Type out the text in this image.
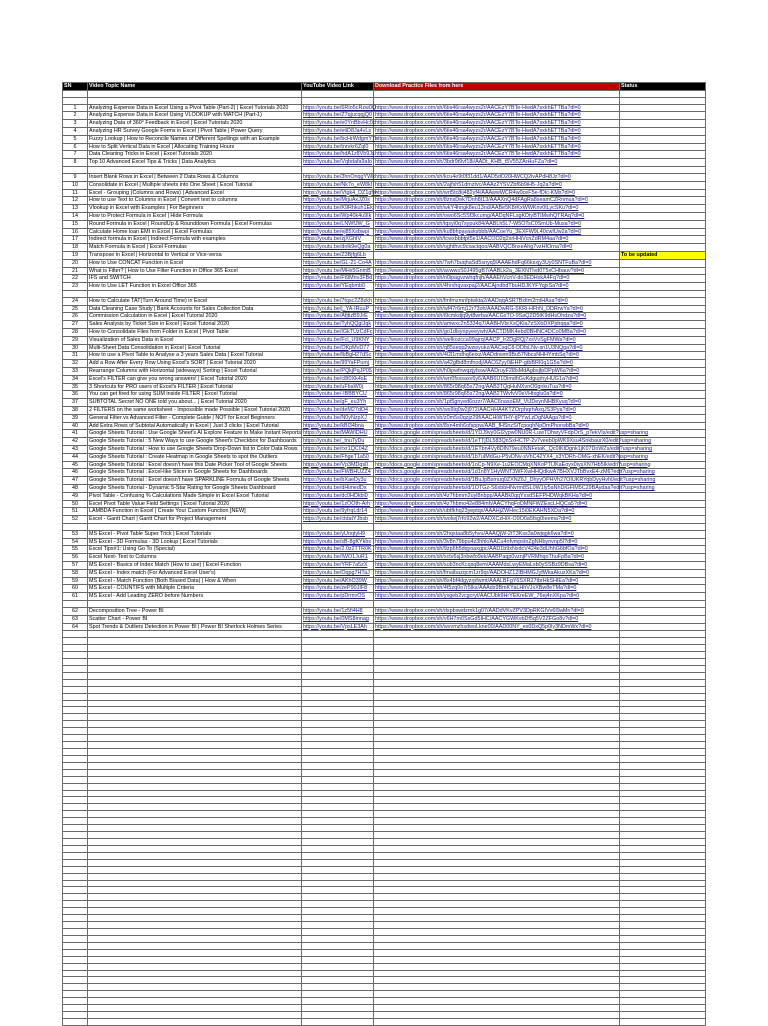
SN	Video Topic Name	YouTube Video Link	Download Practice Files from here	Status

1	Analyzing Expense Data in Excel Using a Pivot Table (Part-2) | Excel Tutorials 2020	https://youtu.be/6RIo5cRzw0Q	https://www.dropbox.com/sh/6tis46rsa4wyzs2r/AACEzY7BTe-HwdA7sxkhETTBa?dl=0	
2	Analyzing Expense Data in Excel Using VLOOKUP with MATCH (Part-1)	https://youtu.be/Z7qjucqqjQ0	https://www.dropbox.com/sh/6tis46rsa4wyzs2r/AACEzY7BTe-HwdA7sxkhETTBa?dl=0	
3	Analyzing Data of 360° Feedback in Excel | Excel Tutorials 2020	https://youtu.be/e0YnBbvHc0c	https://www.dropbox.com/sh/6tis46rsa4wyzs2r/AACEzY7BTe-HwdA7sxkhETTBa?dl=0	
4	Analyzing HR Survey Google Forms in Excel | Pivot Table | Power Query	https://youtu.be/etiD8Ja4vLs	https://www.dropbox.com/sh/6tis46rsa4wyzs2r/AACEzY7BTe-HwdA7sxkhETTBa?dl=0	
5	Fuzzy Lookup | How to Reconcile Names of Different Spellings with an Example	https://youtu.be/bcHrWdgmY7s	https://www.dropbox.com/sh/6tis46rsa4wyzs2r/AACEzY7BTe-HwdA7sxkhETTBa?dl=0	
6	How to Split Vertical Data in Excel | Allocating Training Hours	https://youtu.be/tnrvkr6Zql0	https://www.dropbox.com/sh/6tis46rsa4wyzs2r/AACEzY7BTe-HwdA7sxkhETTBa?dl=0	
7	Data Cleaning Tricks in Excel | Excel Tutorials 2020	https://youtu.be/hdA1z8Vb9Js	https://www.dropbox.com/sh/6tis46rsa4wyzs2r/AACEzY7BTe-HwdA7sxkhETTBa?dl=0	
8	Top 10 Advanced Excel Tips & Tricks | Data Analytics	https://youtu.be/Vqbdafa9aIo	https://www.dropbox.com/sh/3bdr9t9vf18i/AADt_KHB_t5V55ZArHuFZa?dl=0	

9	Insert Blank Rows in Excel | Between 2 Data Rows & Columns	https://youtu.be/3hnOnqgYWk	https://www.dropbox.com/sh/kcu4e9t0f31dd1/AAD5dO20HWCQ2ivAPdH8Jz?dl=0	
10	Consolidate in Excel | Multiple sheets into One Sheet | Excel Tutorial	https://youtu.be/Nk7o_eW8kI	https://www.dropbox.com/sh/2ajfsh51dmztvc/AAAz2YSVZbf6b9iH5-Jq2a?dl=0	
11	Excel - Grouping (Columns and Rows) | Advanced Excel	https://youtu.be/Vtgk4_DZ1gfw	https://www.dropbox.com/sh/wrt5tc8ij482yf4/AAAwwWCR4w0ceF5e-fDIc-KMs?dl=0	
12	How to use Text to Columns in Excel | Convert text to columns	https://youtu.be/MrjuAxJZ0s	https://www.dropbox.com/sh/8znsDek7Dnh8t13/AAAXnQ4dFAgRa8seamCZRnmua?dl=0	
13	Vlookup in Excel with Examples | For Beginners	https://youtu.be/K9Rhkuh1Ek	https://www.dropbox.com/sh/wkY4hngk8eu13nd/AABe5K8rKxWWKnv0tLycSKu?dl=0	
14	How to Protect Formula in Excel | Hide Formula	https://youtu.be/Wp40k4u9Ik	https://www.dropbox.com/sh/owo6Sc5Sf3kcumg/AADqNFLsgKDtyBTIMwhQTRAq?dl=0	
15	Round Formula in Excel | RoundUp & Rounddown Formula | Excel Formulas	https://youtu.be/LNWfJW_G	https://www.dropbox.com/sh/tqsyi0q7sypuk84/AABLh5L7-W5OTsC0SmUb-Musa?dl=0	
16	Calculate Home loan EMI in Excel | Excel Formulas	https://youtu.be/ej85Xsbwpi	https://www.dropbox.com/sh/ku8bhpayasksbbb/AACoeYu_3EXFW9L40cwIUw2a?dl=0	
17	Indirect formula in Excel | Indirect Formula with examples	https://youtu.be/zjXGhIV	https://www.dropbox.com/sh/tcwxbbbtpt5e1/AACOO2q2srHHiVcnZdRM4aa?dl=0	
18	Match Formula in Excel | Excel Formulas	https://youtu.be/dnlk9eQg0a	https://www.dropbox.com/sh/oghthvc9cxactqoo/AABVQCBnxeAhg7vzHIOrna?dl=0	
19	Transpose in Excel | Horizontal to Vertical or Vice-versa	https://youtu.be/Z3Bjfg6Lb		To be updated
20	How to Use CONCAT Function in Excel	https://youtu.be/GL-21-Co4A	https://www.dropbox.com/sh/7wh7buqhaSd5snyq9/AAAEhdFq66ksxjy3Uy0SNTFuBa?dl=0	
21	What is Filter? | How to Use Filter Function in Office 365 Excel	https://youtu.be/MHx5GnmB	https://www.dropbox.com/sh/avwwsS0J495gB7/AABLk2a_3EXNTlvd0T5xCHbauv?dl=0	
22	IFS and SWITCH	https://youtu.be/Ft9Mnv3FBd	https://www.dropbox.com/sh/n0ipagvzwhqfnjh/AAAEhVcnV-dn3EDHxkA4Fq?dl=0	
23	How to Use LET Function in Excel Office 365	https://youtu.be/YEqbmb0	https://www.dropbox.com/sh/4hrxhqvaxpaj2/AACAjndbdTbuHDJKYFYqjxSa?dl=0	

24	How to Calculate TAT(Turn Around Time) in Excel	https://youtu.be/7tqsc2Z8zkh	https://www.dropbox.com/sh/fmfmzmnfptwkta2/AADqqASR7Bxltm2mtHAsa?dl=0	
25	Data Cleaning Case Study | Bank Accounts for Sales Collection Data	https://youtu.be/j_YA-IRuuP	https://www.dropbox.com/sh/wf47r6mj12r73oh/AAADwRG-5KRi-HFhN_DDRrwYa?dl=0	
26	Commission Calculation in Excel | Excel Tutorial 2020	https://youtu.be/AfjtizB9JrE	https://www.dropbox.com/sh/i9cmkdjq9yt8wrba/AACGxTO-9SaQ2D5tK9dHsOhdza?dl=0	
27	Sales Analysis by Ticket Size in Excel | Excel Tutorial 2020	https://youtu.be/TyhQQglJqk	https://www.dropbox.com/sh/amwxc2n5334q7/AABHVbrXsQKla7zSXbDXPjdrqqa?dl=0	
28	How to Consolidate Files from Folder in Excel | Pivot Table	https://youtu.be/IGkTUzCdFc	https://www.dropbox.com/sh/go1dlsynpyeeywh/AACTDMK4ebd0BHNC4DCo0MBa?dl=0	
29	Visualization of Sales Data in Excel	https://youtu.be/Fcl_U9KNY	https://www.dropbox.com/sh/welkozcca99ajrq/AACP_Ir2DgRQj7xsVvSgFMWa?dl=0	
30	Multi-Sheet Data Consolidation in Excel | Excel Tutorial	https://youtu.be/OKpMvD77	https://www.dropbox.com/sh/q85seqq2wzwyukz/AACsqC8-DDfsLNv-sn1U3NQga?dl=0	
31	How to use a Pivot Table to Analyse a 3 years Sales Data | Excel Tutorial	https://youtu.be/lbBgH27dSc	https://www.dropbox.com/sh/4l2l1mdhq6eixz/AADdnwm9Bu57NbcsNHHYmbSq?dl=0	
32	Add a Row After Every Row Using Excel's SORT | Excel Tutorial 2020	https://youtu.be/99YaFPumj	https://www.dropbox.com/sh/a42gfbd8mfnodj/AAC6Zyy0iEHP-gtbBRI0q1G5a?dl=0	
33	Rearrange Columns with Horizontal (sideways) Sorting | Excel Tutorial	https://youtu.be/PQkjPqJP05	https://www.dropbox.com/sh/h0ipwfnwqzjybsw/AADruyF2l8sMdAgbsjfpDPpW6a?dl=0	
34	Excel's FILTER can give you wrong answers! | Excel Tutorial 2020	https://youtu.be/c8t0Xk4sE	https://www.dropbox.com/sh/wrr0fsxsaxv6y6/AAB6U1DimdhGvKdguphyHUG1a?dl=0	
35	3 Shortcuts for PRO users of Excel's FILTER | Excel Tutorial	https://youtu.be/uFbaW0j	https://www.dropbox.com/sh/865r98q65s72ng/AAB3TQqHuNXvnO0gnkuTua?dl=0	
36	You can get fired for using SUM inside FILTER | Excel Tutorial	https://youtu.be/-IBBBYCU	https://www.dropbox.com/sh/865r98q65s72ng/AAB2TWvfvV0eVHtxglu0a?dl=0	
37	SUBTOTAL Secret NO ONE told you about... | Excel Tutorial 2020	https://youtu.be/gF_eu3Yh	https://www.dropbox.com/sh/1pt5gnyed6ozzr7/AAC6naxoEM_VtJDeynNHBKyuq?dl=0	
38	2 FILTERS on the same worksheet - Impossible made Possible | Excel Tutorial 2020	https://youtu.be/deM27dO4	https://www.dropbox.com/sh/ws9lq0w2j972/AACHHA4KTZOrphqrhAxqJS3Pya?dl=0	
39	General Filter vs Advanced Filter - Complete Guide | NOT for Excel Beginners	https://youtu.be/N0yNzpXJ	https://www.dropbox.com/sh/z0m5s0qzjz29f/AACHiWTHY-tjPYwLzDgNAAga?dl=0	
40	Add Extra Rows of Subtotal Automatically in Excel | Just 3 clicks | Excel Tutorial	https://youtu.be/kBl34bna	https://www.dropbox.com/sh/8xn4mh6ofsppw/AAB_fHSnzSiTcpoqhNpDmPhorwbBa?dl=0	
41	Google Sheets Tutorial : Use Google Sheet's AI Explore Feature to Make Instant Reports	https://youtu.be/MAWIDHU	https://docs.google.com/spreadsheets/d/1YDJ9vy0GI2ypw0NU0R-LuwTDhwyVFdpOrS_pTekVIs/edit?usp=sharing	
42	Google Sheets Tutorial : 5 New Ways to use Google Sheet's Checkbox for Dashboards	https://youtu.be/_tnuTyDu	https://docs.google.com/spreadsheets/d/1eTTjDL583QnSxHCTP-2v7veeb0pWK9Xsu4SnkbaurX0/edit?usp=sharing	
43	Google Sheets Tutorial : How to use Google Sheets Drop-Down list to Color Data Rows	https://youtu.be/rxr1QC04Z	https://docs.google.com/spreadsheets/d/1ETbn4Vy8DlN79eu0NNFeiaK_Qc0IKtDgnk1jK07DoWZs/edit?usp=sharing	
44	Google Sheets Tutorial : Create Heatmap in Google Sheets to spot the Outliers	https://youtu.be/FhgeT1a50	https://docs.google.com/spreadsheets/d/1b7uIMdGu-P5vDNv-sVhC42YX4_x3YDRh-OMG-xhEK/edit?usp=sharing	
45	Google Sheets Tutorial : Excel doesn't have this Date Picker Tool of Google Sheets	https://youtu.be/Vp3MDqs0	https://docs.google.com/spreadsheets/d/1oCp-N9Xe-1u2EOCMqXNKoPTIJKaEoyx0iysXN7Hb5Ik/edit?usp=sharing	
46	Google Sheets Tutorial : Excel-like Slicer in Google Sheets for Dashboards	https://youtu.be/FWBHUZZ4	https://docs.google.com/spreadsheets/d/1d1n8Y1HyWNT3WFXwHHQdkwA7BHXVJTbBvxE4-zM6?edit?usp=sharing	
47	Google Sheets Tutorial : Excel doesn't have SPARKLINE Formula of Google Sheets	https://youtu.be/bXaeDy3u	https://docs.google.com/spreadsheets/d/1BuJpBsmuq0ZXNZ6J_DhyyOPHVh27OIUKRYqbDyyHvhI/edit?usp=sharing	
48	Google Sheets Tutorial - Dynamic 5-Star Rating for Google Sheets Dashboard	https://youtu.be/dHimedDx	https://docs.google.com/spreadsheets/d/1OTGz-S6xbbHNvrm8SL0W1ly5aNhDlGFlM5C29BAydaa?edit?usp=sharing	
49	Pivot Table - Confusing % Calculations Made Simple in Excel Excel Tutorial	https://youtu.be/dc0HDkbi0	https://www.dropbox.com/sh/4z7hbmm2uyl8nbpp/AAABk0qqYxsdSEFPHDWqkBKHa?dl=0	
50	Excel Pivot Table Value Field Settings | Excel Tutorial 2020	https://youtu.be/1zOOth-Arh	https://www.dropbox.com/sh/4z7hbmo42e884mh/AACYhqFoDMNFWZExcLHQCa5?dl=0	
51	LAMBDA Function in Excel | Create Your Custom Function [NEW]	https://youtu.be/9yfrqLdr14	https://www.dropbox.com/sh/ubtfkhq23yeptqx/AAAHjZWHec15i0EKAHN5XDa?dl=0	
52	Excel - Gantt Chart | Gantt Chart for Project Management	https://youtu.be/ctdatYJbsb	https://www.dropbox.com/sh/wolwj7rfo92w2/AADXCzHiX-O9O0a5fsg0Ieema?dl=0	

53	MS Excel - Pivot Table Super Trick | Excel Tutorials	https://youtu.be/yUnqtyH9	https://www.dropbox.com/sh/2hqstaa8b5yhvu/AAAQjW-2tT3Kss3a0wjqgk6wa?dl=0	
54	MS Excel - 3D Formulas - 3D Lookup | Excel Tutorials	https://youtu.be/sB-8gKYkbs	https://www.dropbox.com/sh/3v8n79bpu4z3hhk/AACu4nfvmpsInZgNHbynvnp5l?dl=0	
55	Excel Tips#1: Using Go To (Special)	https://youtu.be/2.0z2TTR0K	https://www.dropbox.com/sh/9zp6h5dqyoaxgpc/AAD1b9xNxdcV424e3dUhhG6bfOa?dl=0	
56	Excel Next- Text to Columns	https://youtu.be/IWO1JuR1	https://www.dropbox.com/sh/xctv6sj3nbwfo9ek/AABPaqp0vznjPVRMhqoThuFpBa?dl=0	
57	MS Excel - Basics of Index Match (How to use) | Excel Function	https://youtu.be/YRF7a5zX	https://www.dropbox.com/sh/xub3ncKcqsq8em/AAAMdsLwyEMaLsb0ySSBz9DBsa?dl=0	
58	MS Excel - Index match (For Advanced Excel User's)	https://youtu.be/Oqpg7HTaJ	https://www.dropbox.com/sh/fmaibazqcm1zr9qr/AADOHZ12IBHMGJyfWkaAkuzXKa?dl=0	
59	MS Excel - Match Function (Both Biased Data) | How & When	https://youtu.be/AKhO39W	https://www.dropbox.com/sh/8s4bf4dgyzrpfwmt/AAALBFgY6SXR27tbrHkSHIEa?dl=0	
60	MS Excel - COUNTIFS with Multiple Criteria	https://youtu.be/zeP90JIF8	https://www.dropbox.com/sh/4t5zq0o7r5lks/AAAds9BmKYaLHhVJxXBw8eTMa?dl=0	
61	MS Excel - Add Leading ZERO before Numbers	https://youtu.be/pDrmvOS	https://www.dropbox.com/sh/yxgeb2vcgcryt/AACUbk9HrYEKreEW_76ej4nXKpa?dl=0	

62	Decomposition Tree - Power BI	https://youtu.be/1z5fi4H8	https://www.dropbox.com/sh/dxpbxwdzmk1g07/AADdVKvZPV3DpRKGIVv6I9aMn?dl=0	
63	Scatter Chart - Power BI	https://youtu.be/0MS8mnag	https://www.dropbox.com/sh/v6H7m0SsGd5IHC/AACYGWKvbDf5q5V2ZFGo8v?dl=0	
64	Spot Trends & Outliers Detection in Power BI | Power BI Sherlock Holmes Series	https://youtu.be/VpsLE3Ah	https://www.dropbox.com/sh/wvvmzhsdwoLkne00/AAD00NY_es0DxQ5p0ly3NDmWx?dl=0	
